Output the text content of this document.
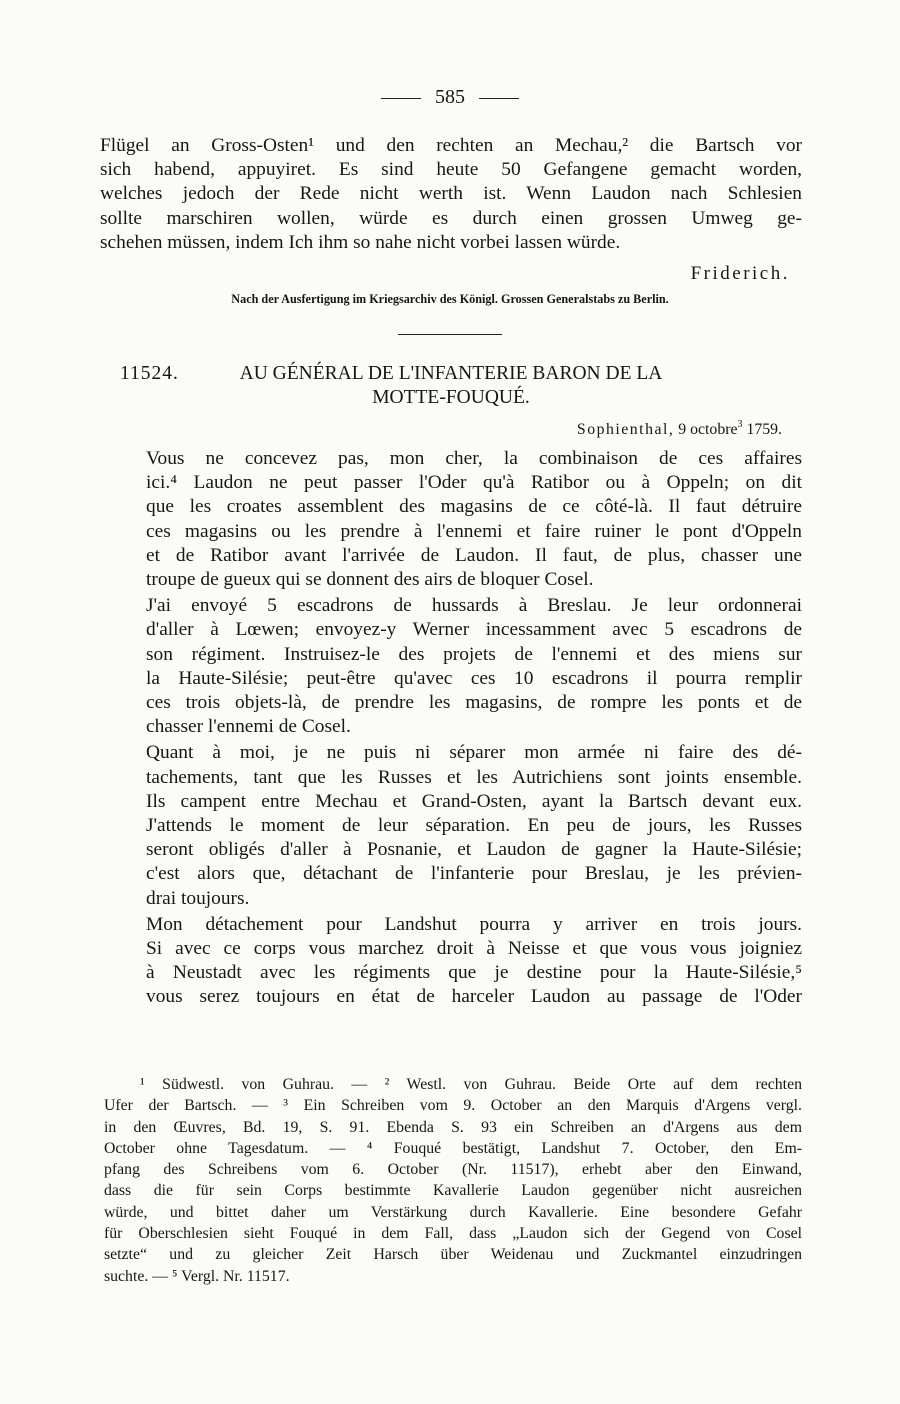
585
Flügel an Gross-Osten¹ und den rechten an Mechau,² die Bartsch vor
sich habend, appuyiret. Es sind heute 50 Gefangene gemacht worden,
welches jedoch der Rede nicht werth ist. Wenn Laudon nach Schlesien
sollte marschiren wollen, würde es durch einen grossen Umweg ge-
schehen müssen, indem Ich ihm so nahe nicht vorbei lassen würde.
Friderich.
Nach der Ausfertigung im Kriegsarchiv des Königl. Grossen Generalstabs zu Berlin.
11524.	AU GÉNÉRAL DE L'INFANTERIE BARON DE LA
MOTTE-FOUQUÉ.
Sophienthal, 9 octobre$^3$ 1759.

Vous ne concevez pas, mon cher, la combinaison de ces affaires
ici.⁴ Laudon ne peut passer l'Oder qu'à Ratibor ou à Oppeln; on dit
que les croates assemblent des magasins de ce côté-là. Il faut détruire
ces magasins ou les prendre à l'ennemi et faire ruiner le pont d'Oppeln
et de Ratibor avant l'arrivée de Laudon. Il faut, de plus, chasser une
troupe de gueux qui se donnent des airs de bloquer Cosel.

J'ai envoyé 5 escadrons de hussards à Breslau. Je leur ordonnerai
d'aller à Lœwen; envoyez-y Werner incessamment avec 5 escadrons de
son régiment. Instruisez-le des projets de l'ennemi et des miens sur
la Haute-Silésie; peut-être qu'avec ces 10 escadrons il pourra remplir
ces trois objets-là, de prendre les magasins, de rompre les ponts et de
chasser l'ennemi de Cosel.

Quant à moi, je ne puis ni séparer mon armée ni faire des dé-
tachements, tant que les Russes et les Autrichiens sont joints ensemble.
Ils campent entre Mechau et Grand-Osten, ayant la Bartsch devant eux.
J'attends le moment de leur séparation. En peu de jours, les Russes
seront obligés d'aller à Posnanie, et Laudon de gagner la Haute-Silésie;
c'est alors que, détachant de l'infanterie pour Breslau, je les prévien-
drai toujours.

Mon détachement pour Landshut pourra y arriver en trois jours.
Si avec ce corps vous marchez droit à Neisse et que vous vous joigniez
à Neustadt avec les régiments que je destine pour la Haute-Silésie,⁵
vous serez toujours en état de harceler Laudon au passage de l'Oder

¹ Südwestl. von Guhrau. — ² Westl. von Guhrau. Beide Orte auf dem rechten
Ufer der Bartsch. — ³ Ein Schreiben vom 9. October an den Marquis d'Argens vergl.
in den Œuvres, Bd. 19, S. 91. Ebenda S. 93 ein Schreiben an d'Argens aus dem
October ohne Tagesdatum. — ⁴ Fouqué bestätigt, Landshut 7. October, den Em-
pfang des Schreibens vom 6. October (Nr. 11517), erhebt aber den Einwand,
dass die für sein Corps bestimmte Kavallerie Laudon gegenüber nicht ausreichen
würde, und bittet daher um Verstärkung durch Kavallerie. Eine besondere Gefahr
für Oberschlesien sieht Fouqué in dem Fall, dass „Laudon sich der Gegend von Cosel
setzte“ und zu gleicher Zeit Harsch über Weidenau und Zuckmantel einzudringen
suchte. — ⁵ Vergl. Nr. 11517.
